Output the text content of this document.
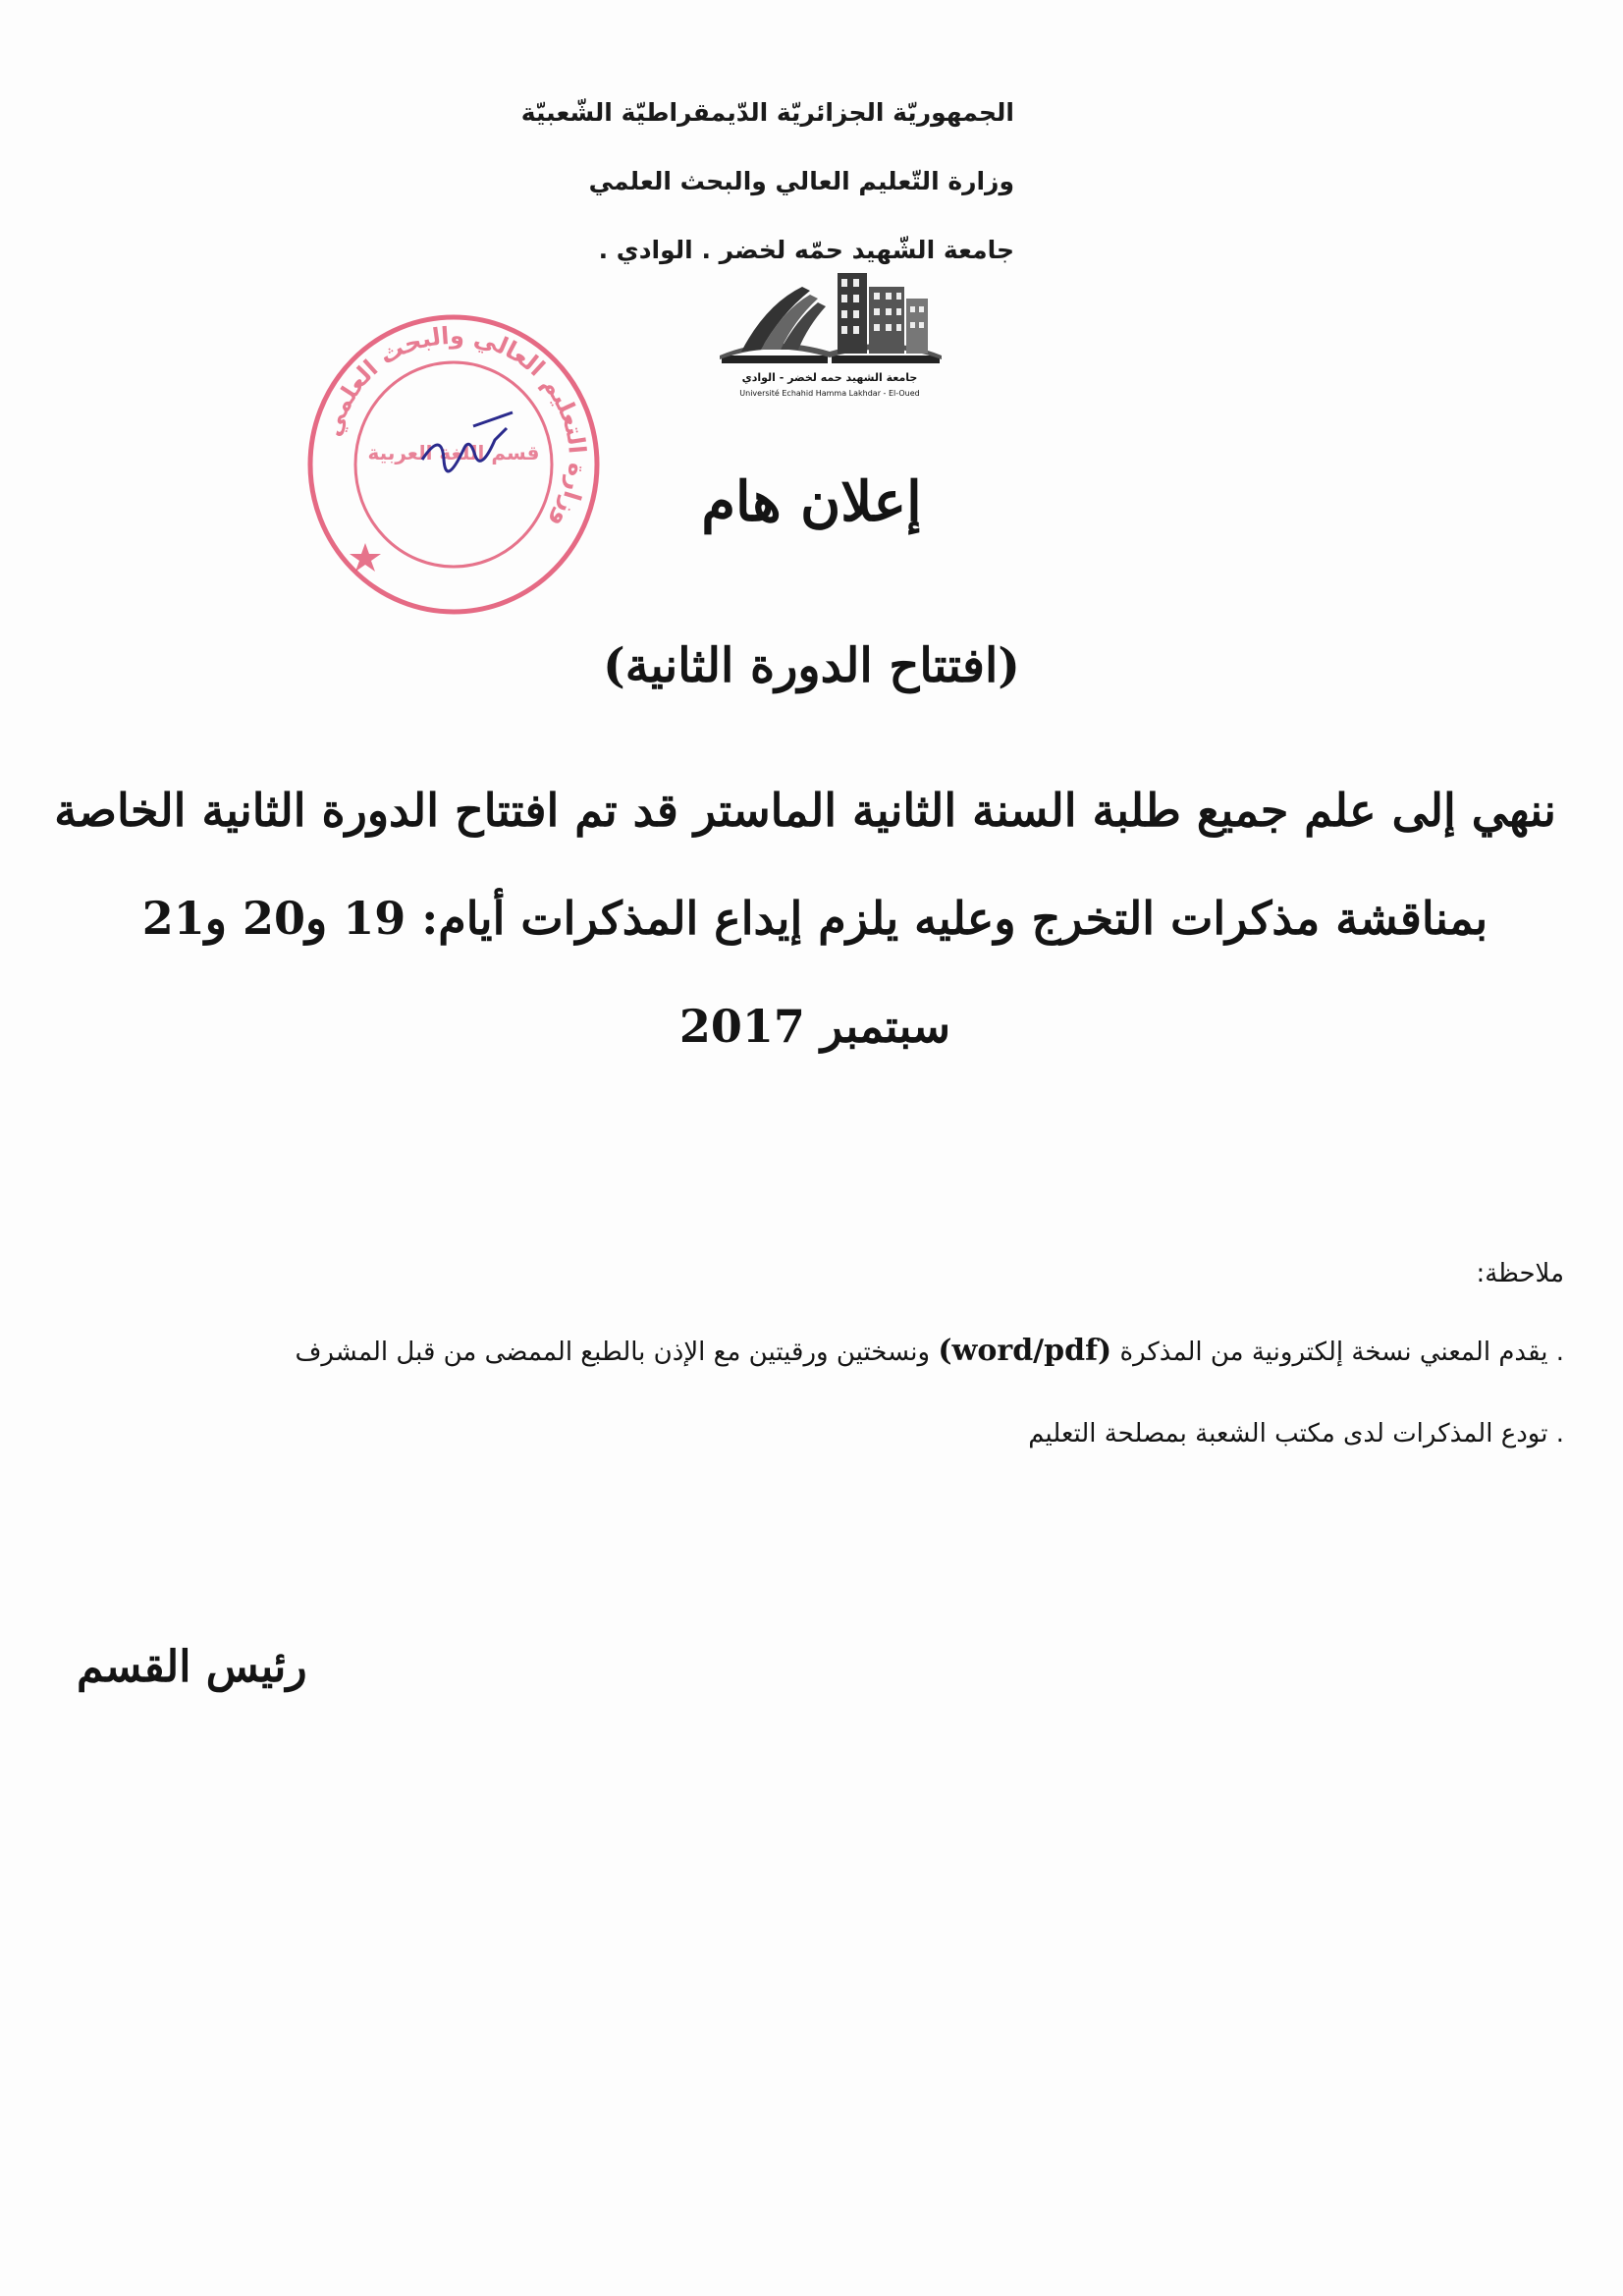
الجمهوريّة الجزائريّة الدّيمقراطيّة الشّعبيّة
وزارة التّعليم العالي والبحث العلمي
جامعة الشّهيد حمّه لخضر . الوادي .
جامعة الشهيد حمه لخضر - الوادي
Université Echahid Hamma Lakhdar - El-Oued
وزارة التعليم العالي والبحث العلمي
قسم اللغة العربية
إعلان هام
(افتتاح الدورة الثانية)
ننهي إلى علم جميع طلبة السنة الثانية الماستر قد تم افتتاح الدورة الثانية الخاصة
بمناقشة مذكرات التخرج وعليه يلزم إيداع المذكرات أيام: 19 و20 و21
سبتمبر 2017
ملاحظة:
. يقدم المعني نسخة إلكترونية من المذكرة (word/pdf) ونسختين ورقيتين مع الإذن بالطبع الممضى من قبل المشرف
. تودع المذكرات لدى مكتب الشعبة بمصلحة التعليم
رئيس القسم
